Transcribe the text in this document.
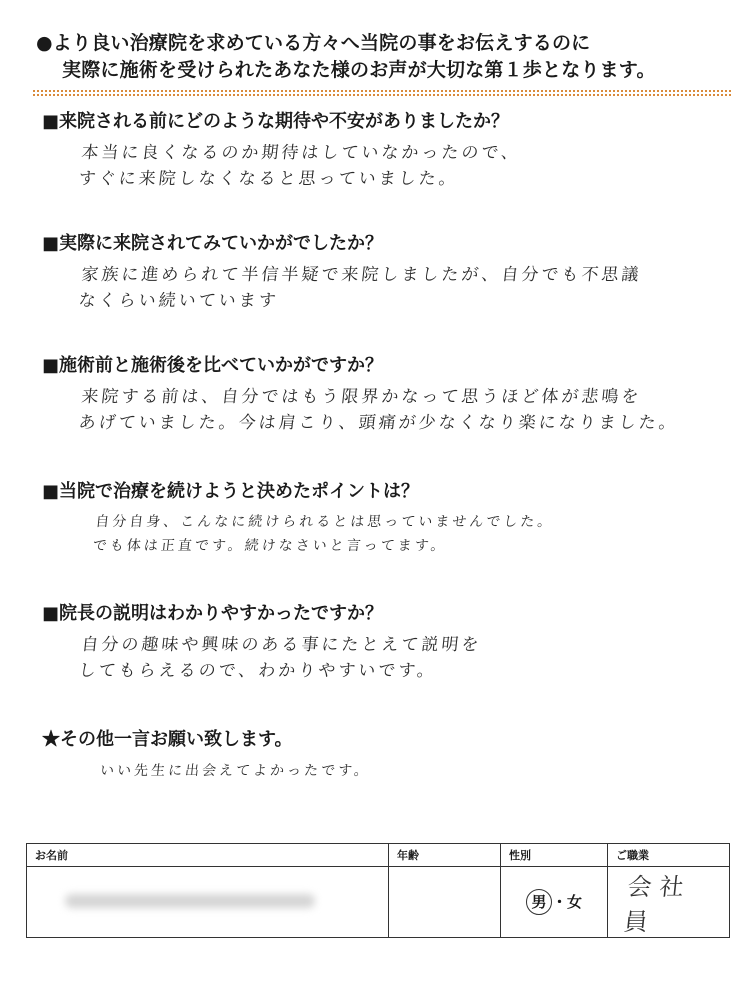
●より良い治療院を求めている方々へ当院の事をお伝えするのに
実際に施術を受けられたあなた様のお声が大切な第１歩となります。

■来院される前にどのような期待や不安がありましたか？

本当に良くなるのか期待はしていなかったので、
すぐに来院しなくなると思っていました。

■実際に来院されてみていかがでしたか？

家族に進められて半信半疑で来院しましたが、自分でも不思議
なくらい続いています

■施術前と施術後を比べていかがですか？

来院する前は、自分ではもう限界かなって思うほど体が悲鳴を
あげていました。今は肩こり、頭痛が少なくなり楽になりました。

■当院で治療を続けようと決めたポイントは？

自分自身、こんなに続けられるとは思っていませんでした。
でも体は正直です。続けなさいと言ってます。

■院長の説明はわかりやすかったですか？

自分の趣味や興味のある事にたとえて説明を
してもらえるので、わかりやすいです。

★その他一言お願い致します。

いい先生に出会えてよかったです。
お名前	年齢	性別	ご職業
		男 ・女	会社員
